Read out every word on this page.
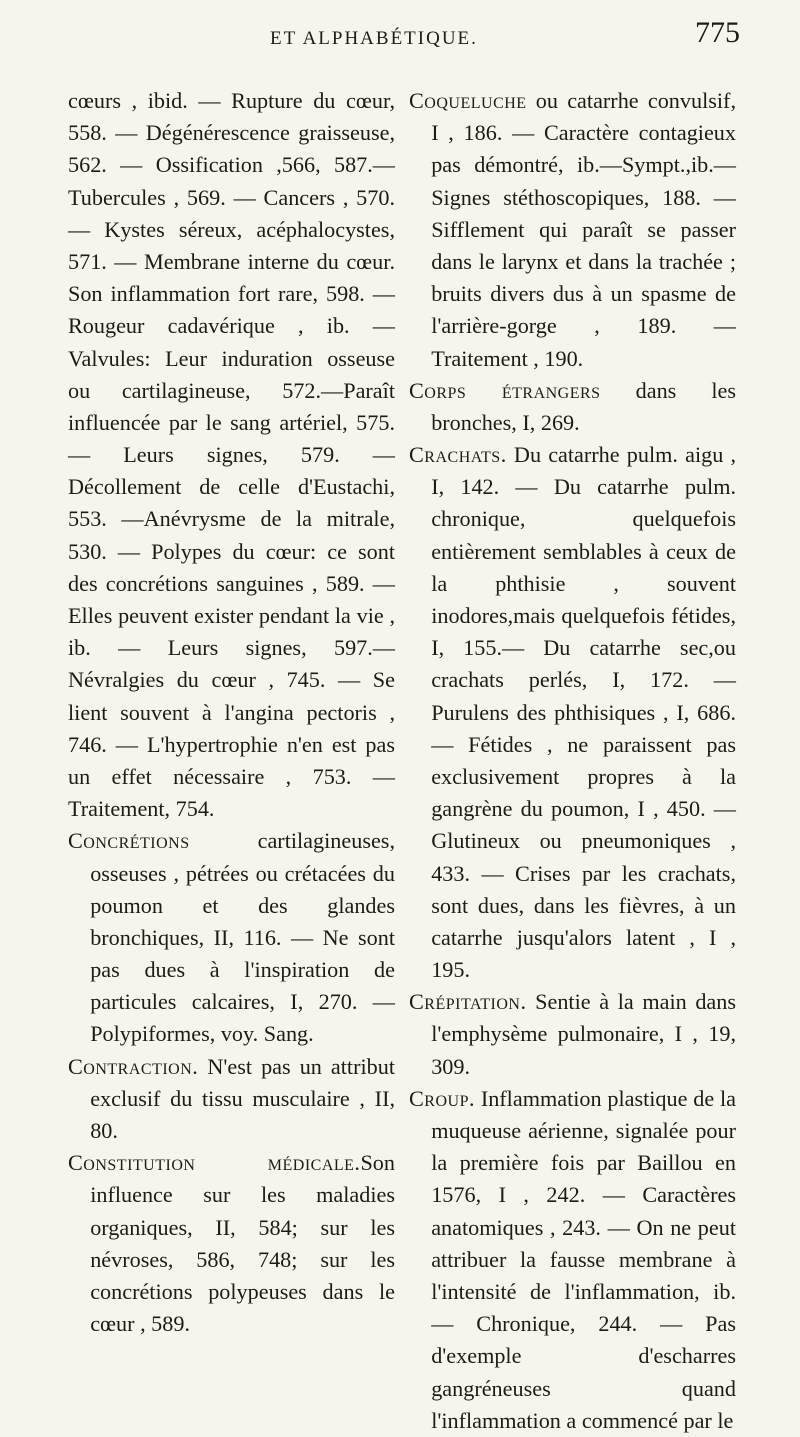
ET ALPHABÉTIQUE.	775

cœurs , ibid. — Rupture du cœur, 558. — Dégénérescence graisseuse, 562. — Ossification ,566, 587.— Tubercules , 569. — Cancers , 570. — Kystes séreux, acéphalocystes, 571. — Membrane interne du cœur. Son inflammation fort rare, 598. — Rougeur cadavérique , ib. — Valvules: Leur induration osseuse ou cartilagineuse, 572.—Paraît influencée par le sang artériel, 575. — Leurs signes, 579. — Décollement de celle d'Eustachi, 553. —Anévrysme de la mitrale, 530. — Polypes du cœur: ce sont des concrétions sanguines , 589. — Elles peuvent exister pendant la vie , ib. — Leurs signes, 597.— Névralgies du cœur , 745. — Se lient souvent à l'angina pectoris , 746. — L'hypertrophie n'en est pas un effet nécessaire , 753. — Traitement, 754.

Concrétions cartilagineuses, osseuses , pétrées ou crétacées du poumon et des glandes bronchiques, II, 116. — Ne sont pas dues à l'inspiration de particules calcaires, I, 270. — Polypiformes, voy. Sang.

Contraction. N'est pas un attribut exclusif du tissu musculaire , II, 80.

Constitution médicale.Son influence sur les maladies organiques, II, 584; sur les névroses, 586, 748; sur les concrétions polypeuses dans le cœur , 589.

Coqueluche ou catarrhe convulsif, I , 186. — Caractère contagieux pas démontré, ib.—Sympt.,ib.—Signes stéthoscopiques, 188. — Sifflement qui paraît se passer dans le larynx et dans la trachée ; bruits divers dus à un spasme de l'arrière-gorge , 189. — Traitement , 190.

Corps étrangers dans les bronches, I, 269.

Crachats. Du catarrhe pulm. aigu , I, 142. — Du catarrhe pulm. chronique, quelquefois entièrement semblables à ceux de la phthisie , souvent inodores,mais quelquefois fétides, I, 155.— Du catarrhe sec,ou crachats perlés, I, 172. — Purulens des phthisiques , I, 686. — Fétides , ne paraissent pas exclusivement propres à la gangrène du poumon, I , 450. — Glutineux ou pneumoniques , 433. — Crises par les crachats, sont dues, dans les fièvres, à un catarrhe jusqu'alors latent , I , 195.

Crépitation. Sentie à la main dans l'emphysème pulmonaire, I , 19, 309.

Croup. Inflammation plastique de la muqueuse aérienne, signalée pour la première fois par Baillou en 1576, I , 242. — Caractères anatomiques , 243. — On ne peut attribuer la fausse membrane à l'intensité de l'inflammation, ib. — Chronique, 244. — Pas d'exemple d'escharres gangréneuses quand l'inflammation a commencé par le
